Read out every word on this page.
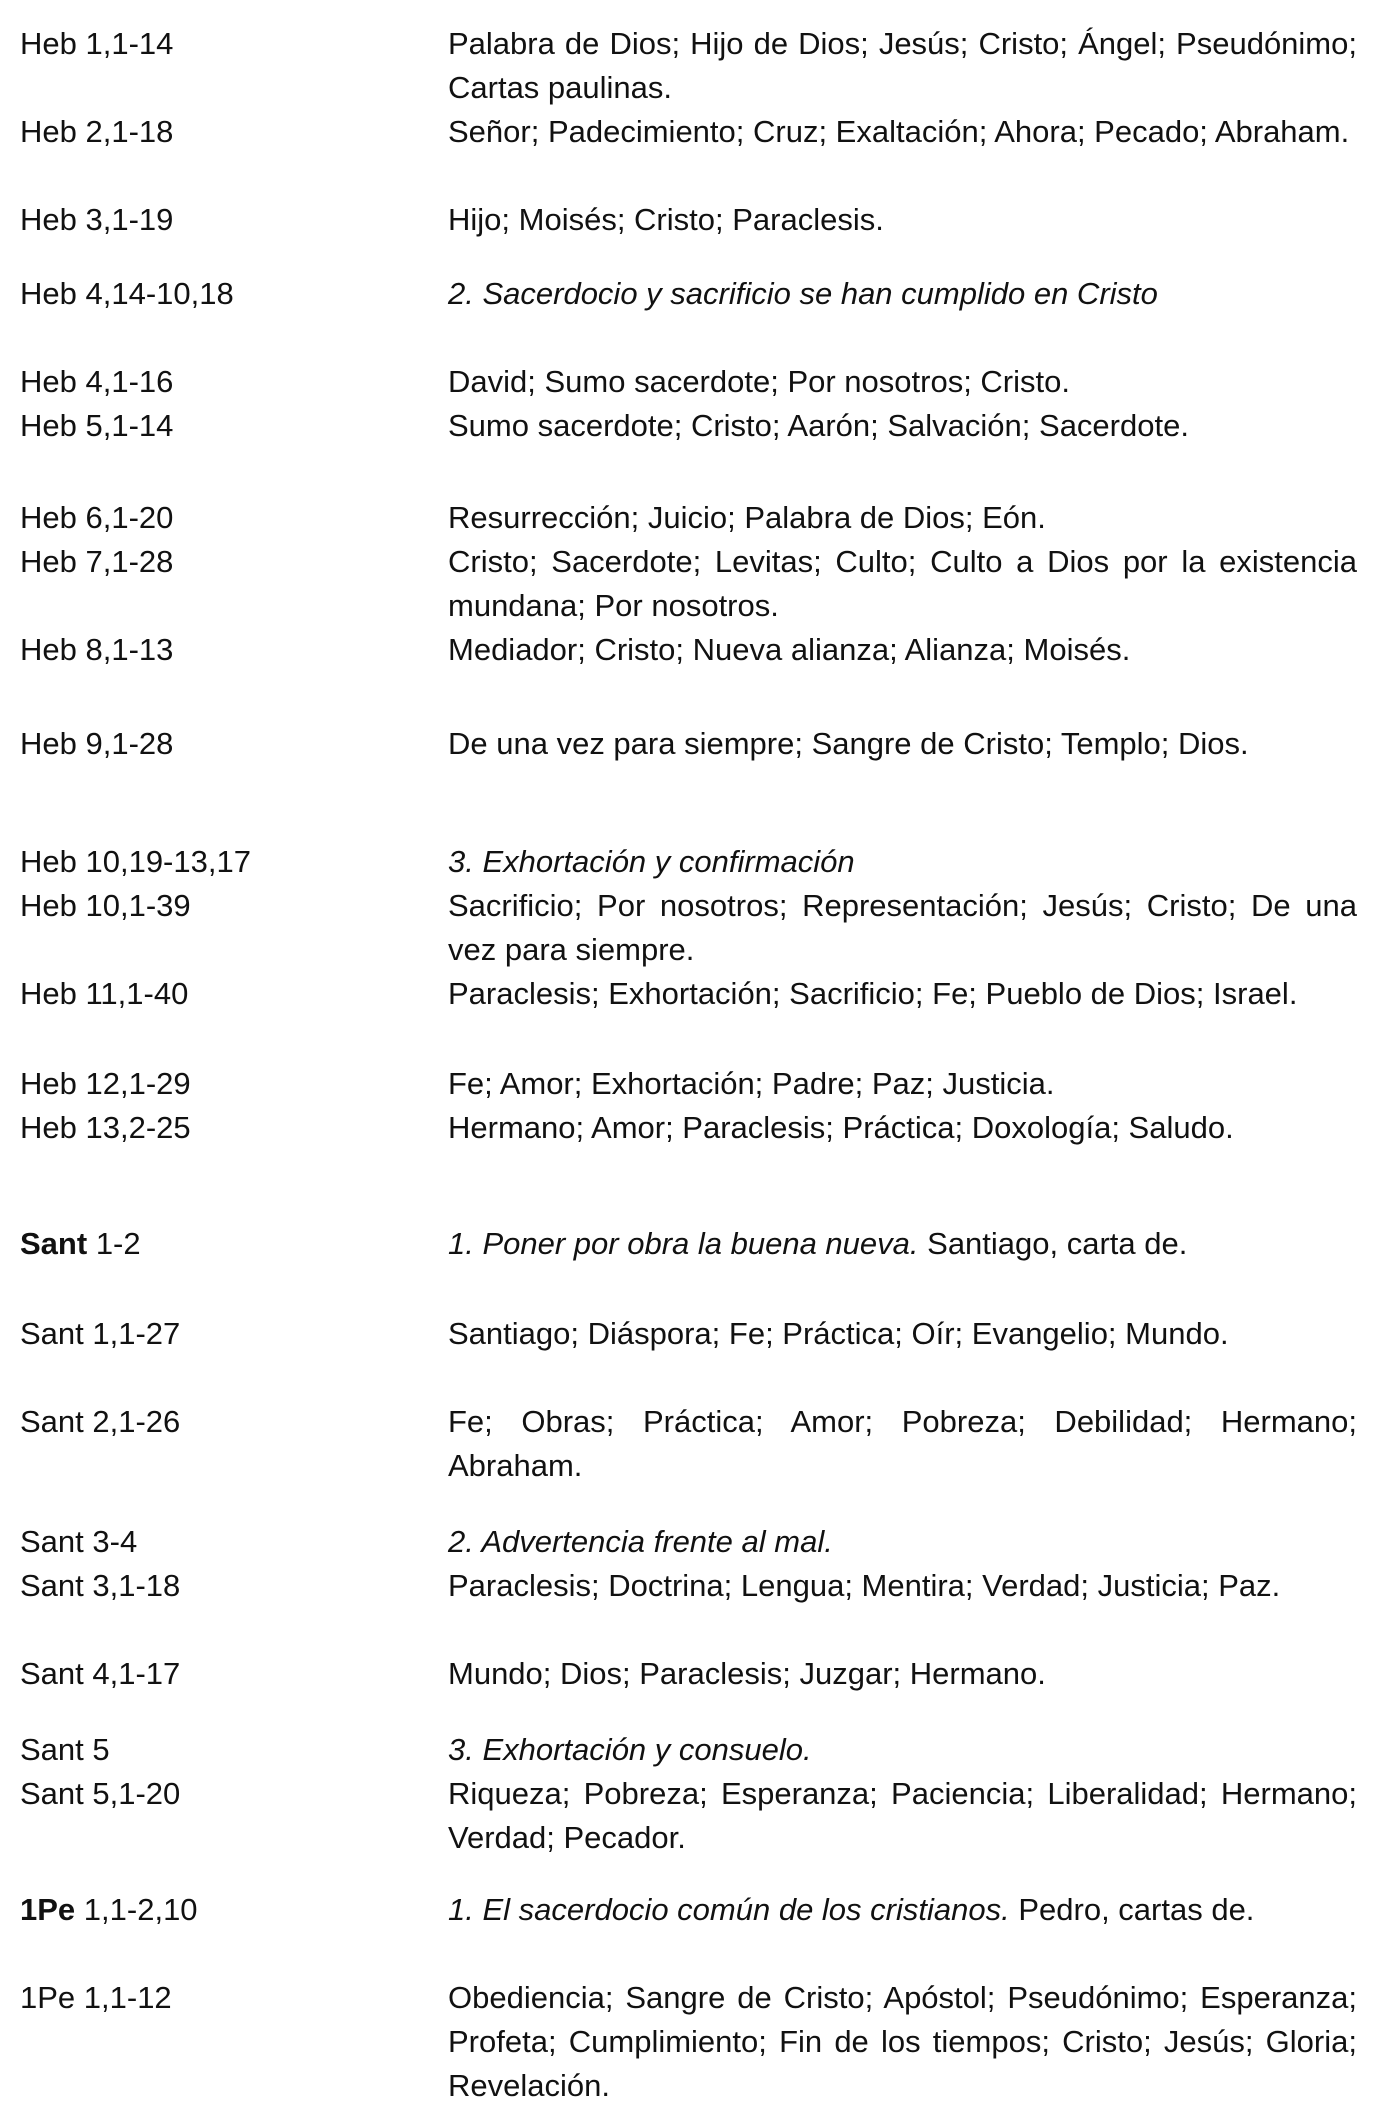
Heb 1,1-14	Palabra de Dios; Hijo de Dios; Jesús; Cristo; Ángel; Pseudónimo; Cartas paulinas.
Heb 2,1-18	Señor; Padecimiento; Cruz; Exaltación; Ahora; Pecado; Abraham.
Heb 3,1-19	Hijo; Moisés; Cristo; Paraclesis.
Heb 4,14-10,18	2. Sacerdocio y sacrificio se han cumplido en Cristo
Heb 4,1-16	David; Sumo sacerdote; Por nosotros; Cristo.
Heb 5,1-14	Sumo sacerdote; Cristo; Aarón; Salvación; Sacerdote.
Heb 6,1-20	Resurrección; Juicio; Palabra de Dios; Eón.
Heb 7,1-28	Cristo; Sacerdote; Levitas; Culto; Culto a Dios por la existencia mundana; Por nosotros.
Heb 8,1-13	Mediador; Cristo; Nueva alianza; Alianza; Moisés.
Heb 9,1-28	De una vez para siempre; Sangre de Cristo; Templo; Dios.
Heb 10,19-13,17	3. Exhortación y confirmación
Heb 10,1-39	Sacrificio; Por nosotros; Representación; Jesús; Cristo; De una vez para siempre.
Heb 11,1-40	Paraclesis; Exhortación; Sacrificio; Fe; Pueblo de Dios; Israel.
Heb 12,1-29	Fe; Amor; Exhortación; Padre; Paz; Justicia.
Heb 13,2-25	Hermano; Amor; Paraclesis; Práctica; Doxología; Saludo.
Sant 1-2	1. Poner por obra la buena nueva. Santiago, carta de.
Sant 1,1-27	Santiago; Diáspora; Fe; Práctica; Oír; Evangelio; Mundo.
Sant 2,1-26	Fe; Obras; Práctica; Amor; Pobreza; Debilidad; Hermano; Abraham.
Sant 3-4	2. Advertencia frente al mal.
Sant 3,1-18	Paraclesis; Doctrina; Lengua; Mentira; Verdad; Justicia; Paz.
Sant 4,1-17	Mundo; Dios; Paraclesis; Juzgar; Hermano.
Sant 5	3. Exhortación y consuelo.
Sant 5,1-20	Riqueza; Pobreza; Esperanza; Paciencia; Liberalidad; Hermano; Verdad; Pecador.
1Pe 1,1-2,10	1. El sacerdocio común de los cristianos. Pedro, cartas de.
1Pe 1,1-12	Obediencia; Sangre de Cristo; Apóstol; Pseudónimo; Esperanza; Profeta; Cumplimiento; Fin de los tiempos; Cristo; Jesús; Gloria; Revelación.
